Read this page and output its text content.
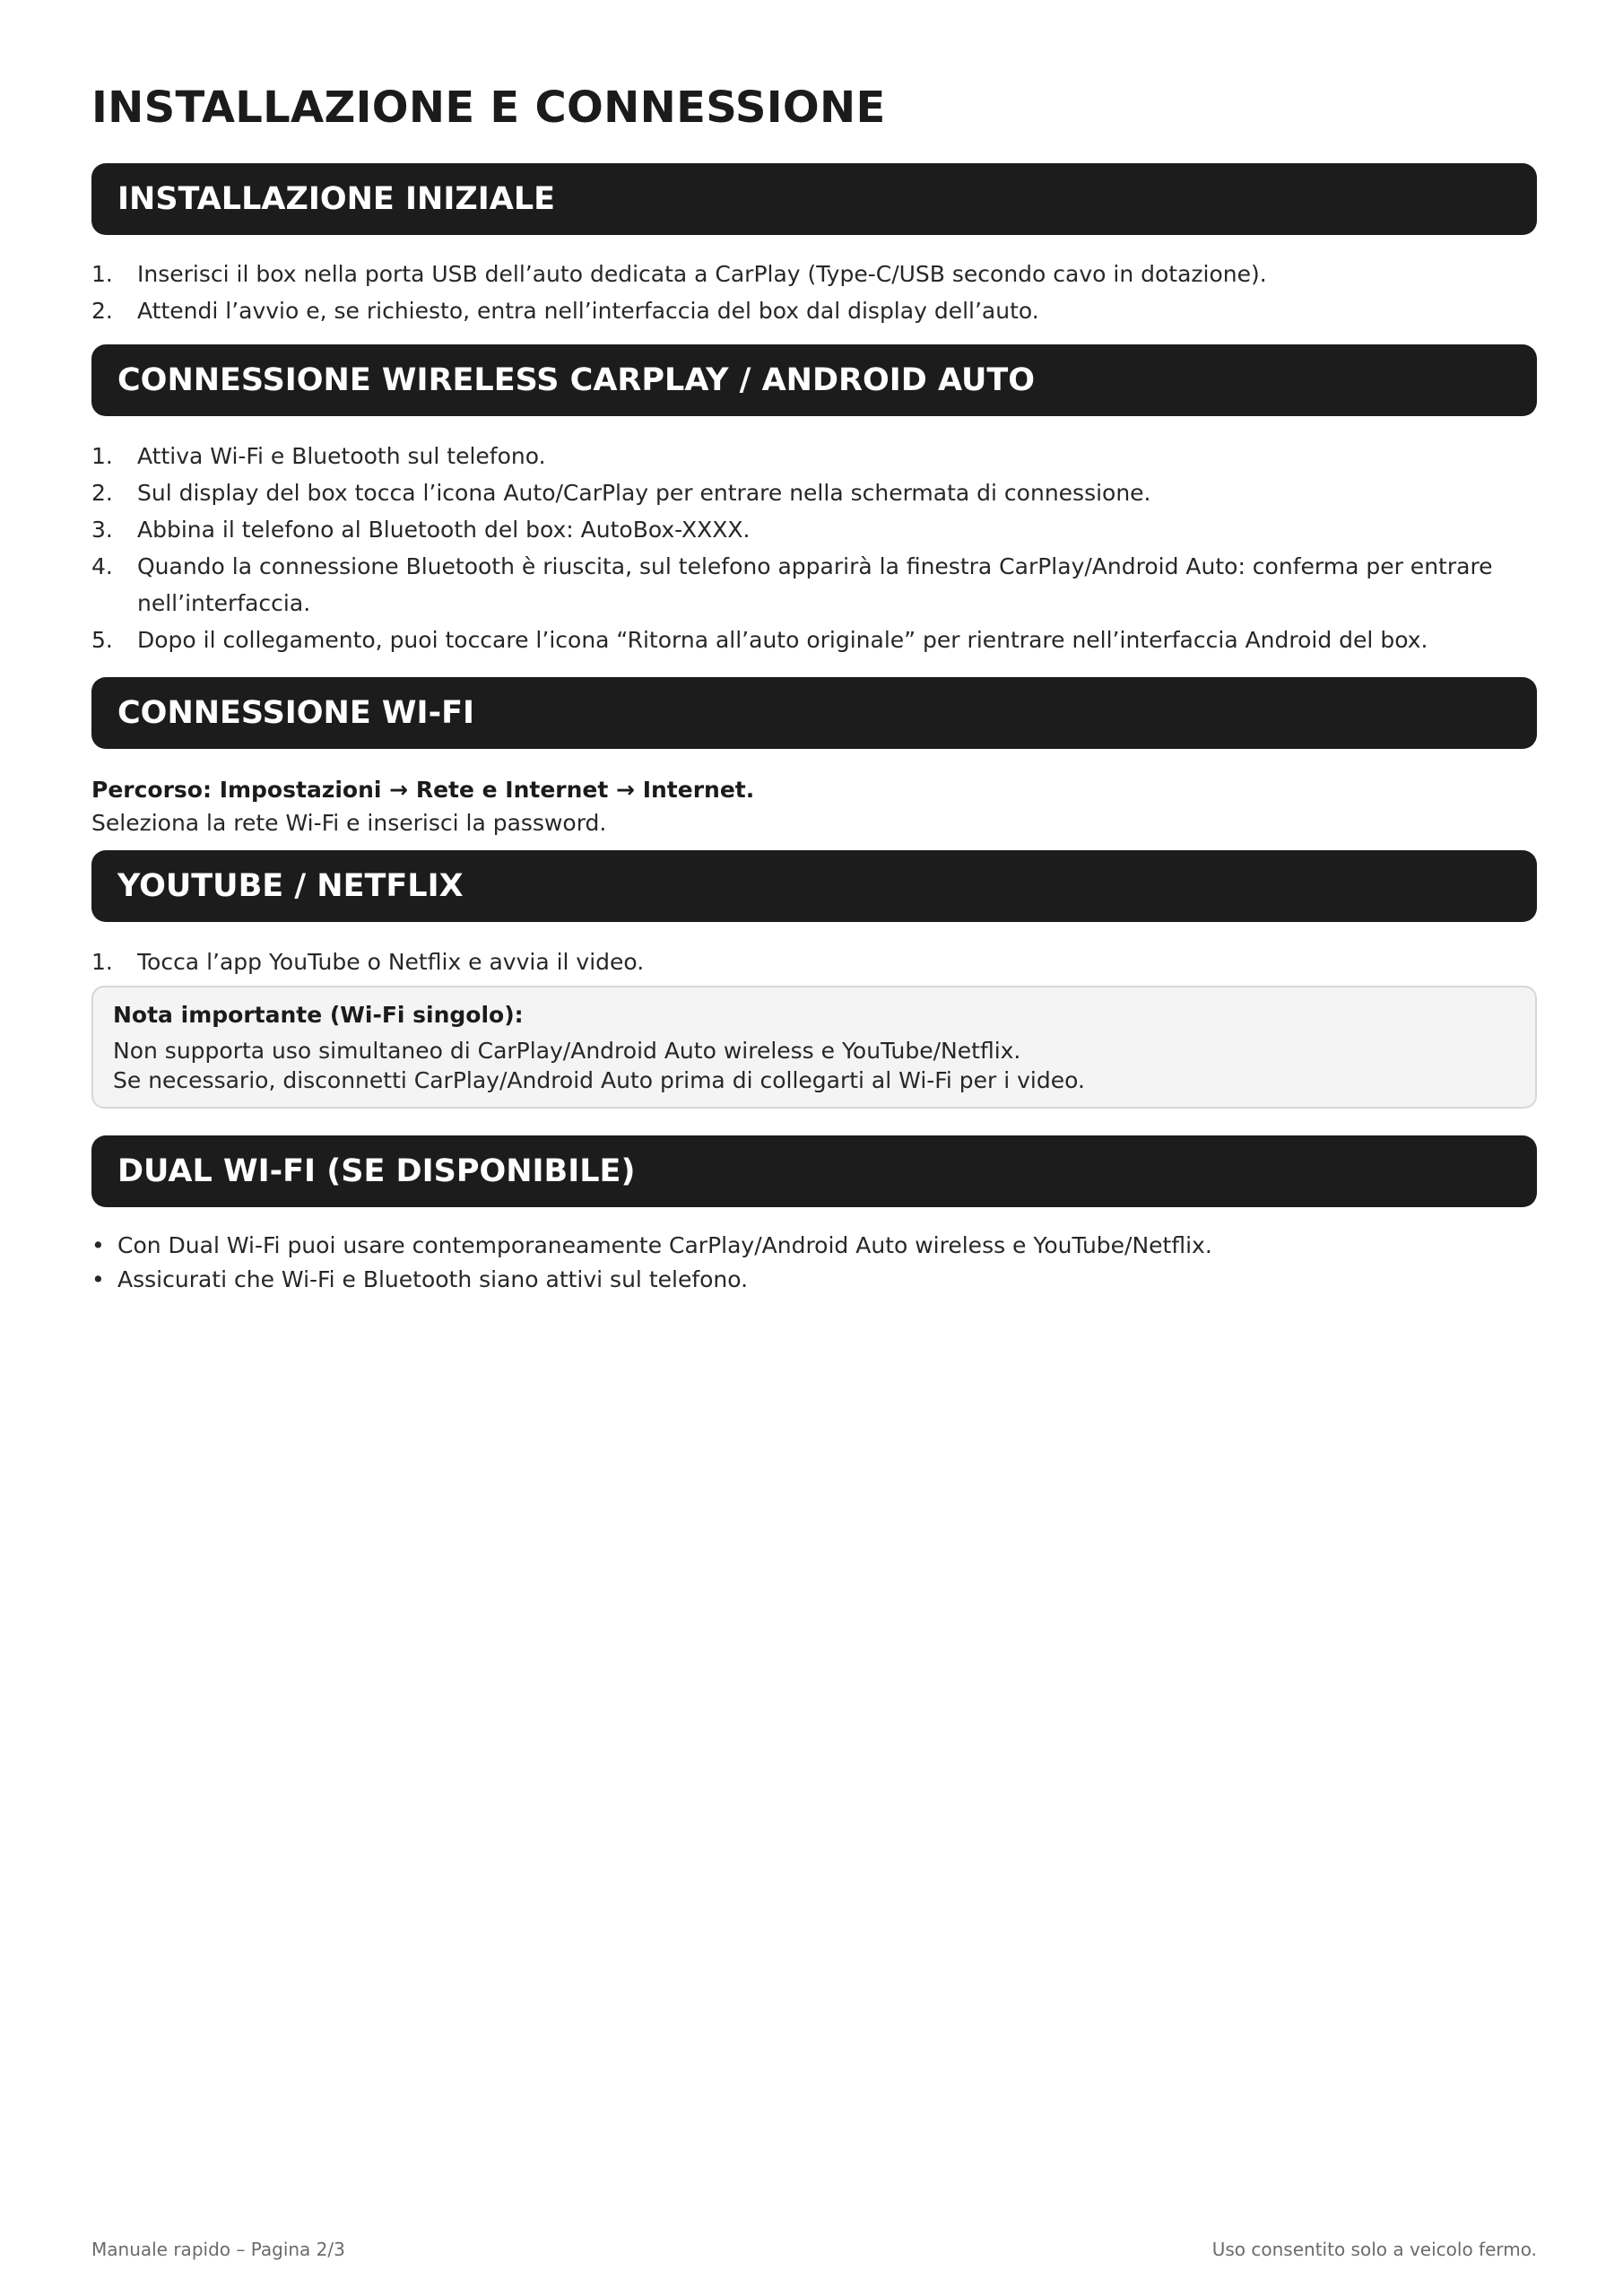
INSTALLAZIONE E CONNESSIONE
INSTALLAZIONE INIZIALE
1. Inserisci il box nella porta USB dell’auto dedicata a CarPlay (Type-C/USB secondo cavo in dotazione).
2. Attendi l’avvio e, se richiesto, entra nell’interfaccia del box dal display dell’auto.
CONNESSIONE WIRELESS CARPLAY / ANDROID AUTO
1. Attiva Wi-Fi e Bluetooth sul telefono.
2. Sul display del box tocca l’icona Auto/CarPlay per entrare nella schermata di connessione.
3. Abbina il telefono al Bluetooth del box: AutoBox-XXXX.
4. Quando la connessione Bluetooth è riuscita, sul telefono apparirà la finestra CarPlay/Android Auto: conferma per entrare nell’interfaccia.
5. Dopo il collegamento, puoi toccare l’icona “Ritorna all’auto originale” per rientrare nell’interfaccia Android del box.
CONNESSIONE WI-FI
Percorso: Impostazioni → Rete e Internet → Internet.
Seleziona la rete Wi-Fi e inserisci la password.
YOUTUBE / NETFLIX
1. Tocca l’app YouTube o Netflix e avvia il video.
Nota importante (Wi-Fi singolo):
Non supporta uso simultaneo di CarPlay/Android Auto wireless e YouTube/Netflix.
Se necessario, disconnetti CarPlay/Android Auto prima di collegarti al Wi-Fi per i video.
DUAL WI-FI (SE DISPONIBILE)
• Con Dual Wi-Fi puoi usare contemporaneamente CarPlay/Android Auto wireless e YouTube/Netflix.
• Assicurati che Wi-Fi e Bluetooth siano attivi sul telefono.
Manuale rapido – Pagina 2/3	Uso consentito solo a veicolo fermo.
